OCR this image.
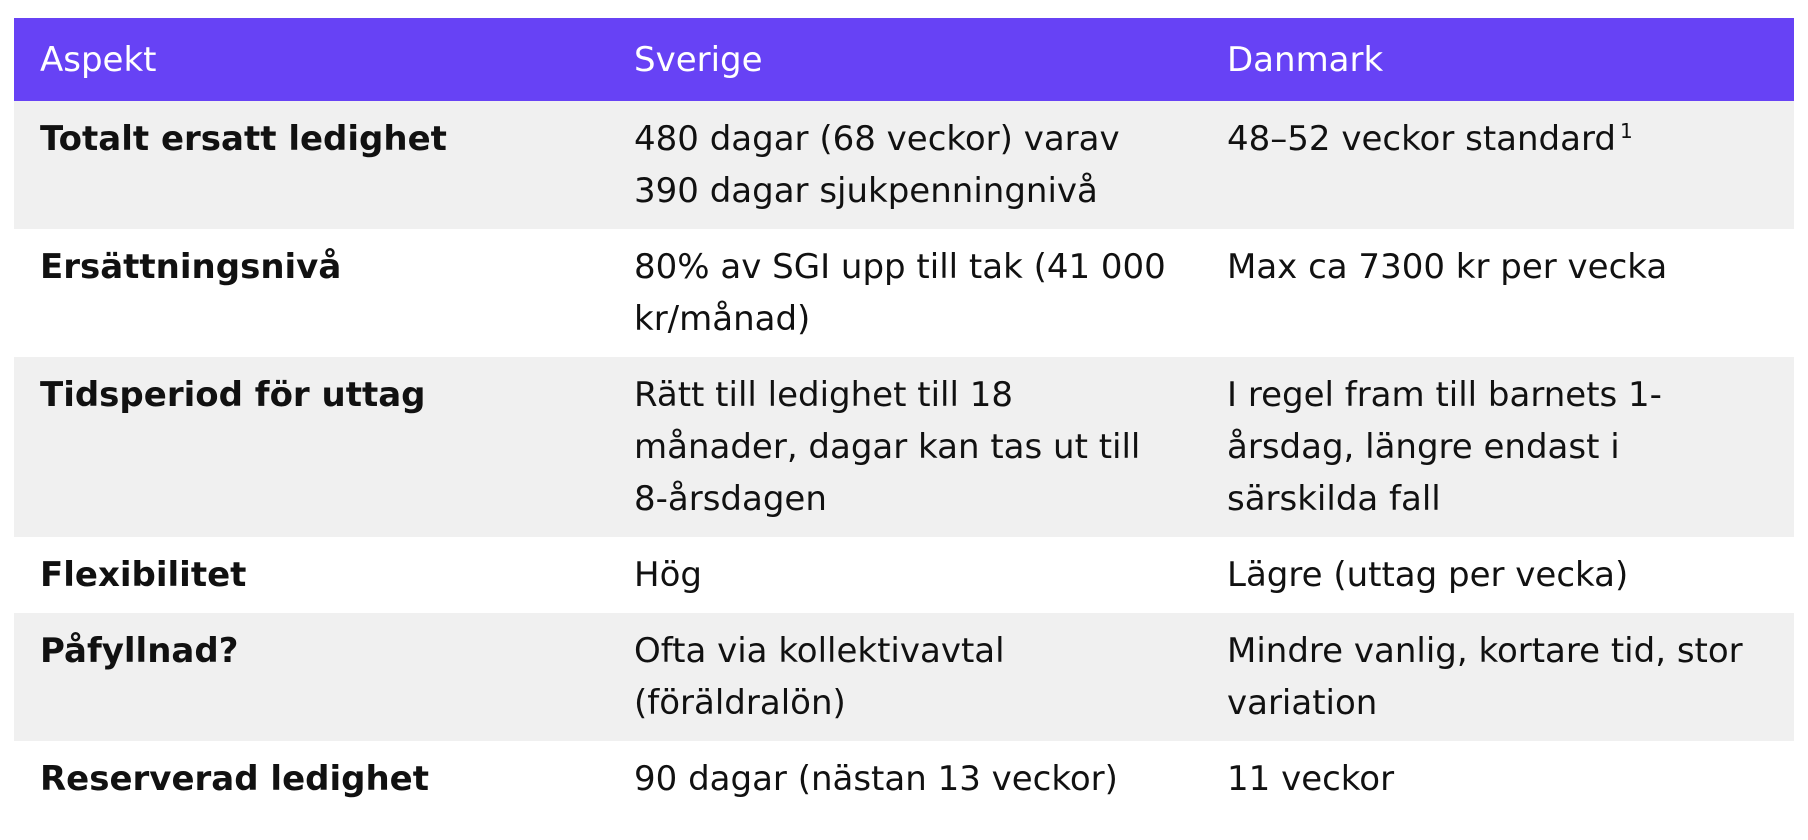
Aspekt	Sverige	Danmark
Totalt ersatt ledighet	480 dagar (68 veckor) varav 390 dagar sjukpenningnivå	48–52 veckor standard $^1$
Ersättningsnivå	80% av SGI upp till tak (41 000 kr/månad)	Max ca 7300 kr per vecka
Tidsperiod för uttag	Rätt till ledighet till 18 månader, dagar kan tas ut till 8-årsdagen	I regel fram till barnets 1-årsdag, längre endast i särskilda fall
Flexibilitet	Hög	Lägre (uttag per vecka)
Påfyllnad?	Ofta via kollektivavtal (föräldralön)	Mindre vanlig, kortare tid, stor variation
Reserverad ledighet	90 dagar (nästan 13 veckor)	11 veckor
